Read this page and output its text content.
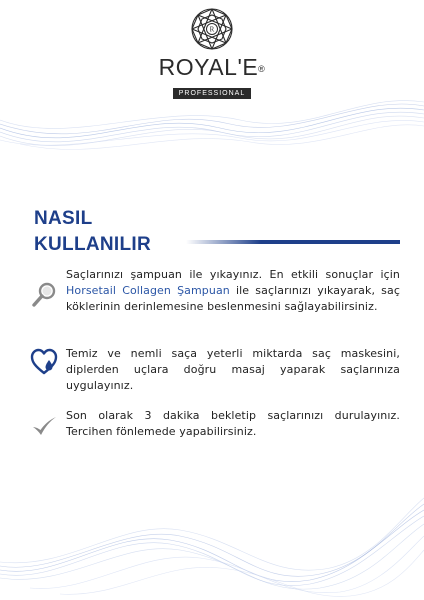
R
ROYAL'E®
PROFESSIONAL
NASIL
KULLANILIR
Saçlarınızı şampuan ile yıkayınız. En etkili sonuçlar için Horsetail Collagen Şampuan ile saçlarınızı yıkayarak, saç köklerinin derinlemesine beslenmesini sağlayabilirsiniz.
Temiz ve nemli saça yeterli miktarda saç maskesini, diplerden uçlara doğru masaj yaparak saçlarınıza uygulayınız.
Son olarak 3 dakika bekletip saçlarınızı durulayınız. Tercihen fönlemede yapabilirsiniz.
